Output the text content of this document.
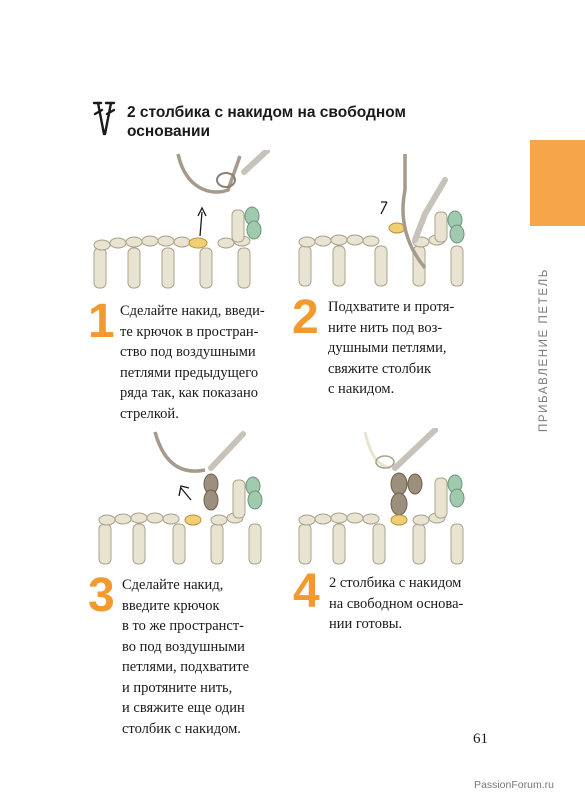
2 столбика с накидом на свободном основании
ПРИБАВЛЕНИЕ ПЕТЕЛЬ
1 Сделайте накид, введи-
те крючок в простран-
ство под воздушными
петлями предыдущего
ряда так, как показано
стрелкой.
2 Подхватите и протя-
ните нить под воз-
душными петлями,
свяжите столбик
с накидом.
3 Сделайте накид,
введите крючок
в то же пространст-
во под воздушными
петлями, подхватите
и протяните нить,
и свяжите еще один
столбик с накидом.
4 2 столбика с накидом
на свободном основа-
нии готовы.
61
PassionForum.ru
